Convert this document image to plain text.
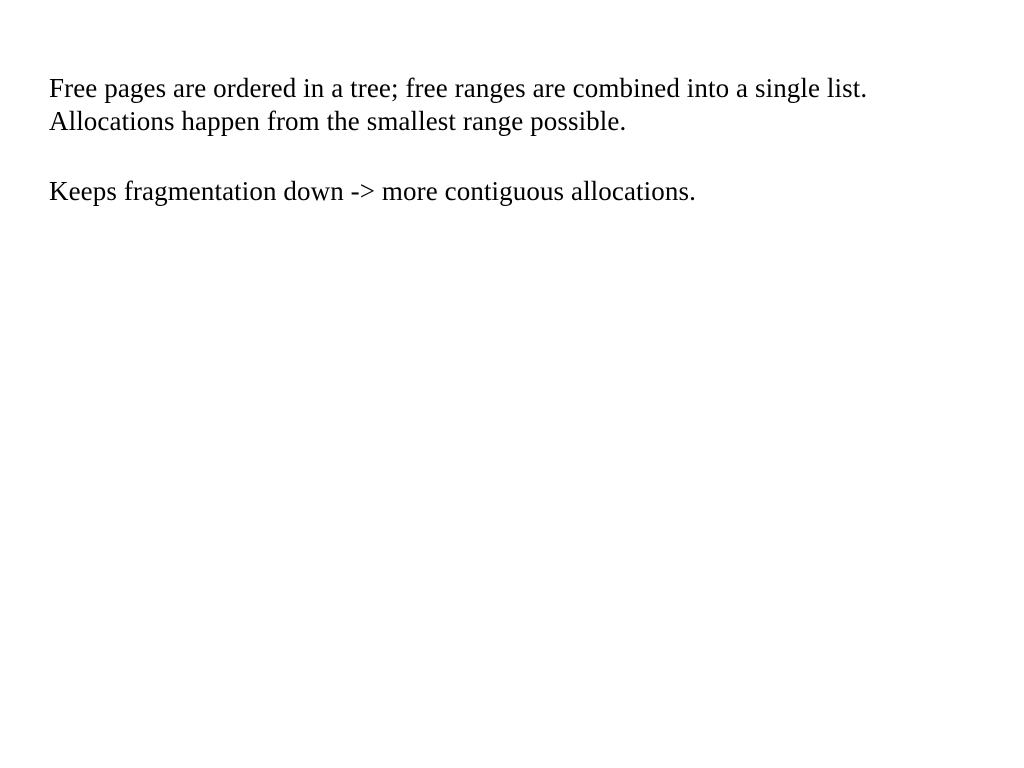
Free pages are ordered in a tree; free ranges are combined into a single list.

Allocations happen from the smallest range possible.

Keeps fragmentation down -> more contiguous allocations.
